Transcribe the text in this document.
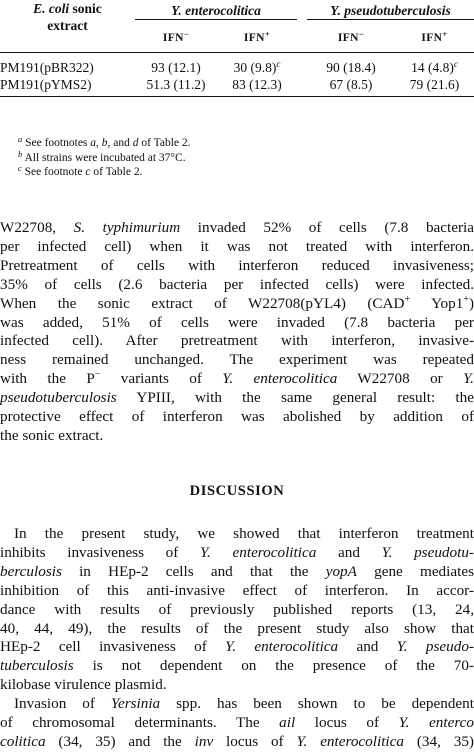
E. coli sonic
extract	Y. enterocolitica			Y. pseudotuberculosis	
	IFN−	IFN+		IFN−	IFN+
PM191(pBR322)	93 (12.1)	30 $(9.8)^c$		90 (18.4)	14 $(4.8)^c$
PM191(pYMS2)	51.3 (11.2)	83 (12.3)		67 (8.5)	79 (21.6)
$^a$ See footnotes a, b, and d of Table 2.
$^b$ All strains were incubated at 37°C.
$^c$ See footnote c of Table 2.
W22708, S. typhimurium invaded 52% of cells (7.8 bacteria
per infected cell) when it was not treated with interferon.
Pretreatment of cells with interferon reduced invasiveness;
35% of cells (2.6 bacteria per infected cells) were infected.
When the sonic extract of W22708(pYL4) (CAD+ Yop1+)
was added, 51% of cells were invaded (7.8 bacteria per
infected cell). After pretreatment with interferon, invasive-
ness remained unchanged. The experiment was repeated
with the P− variants of Y. enterocolitica W22708 or Y.
pseudotuberculosis YPIII, with the same general result: the
protective effect of interferon was abolished by addition of
the sonic extract.
DISCUSSION
In the present study, we showed that interferon treatment
inhibits invasiveness of Y. enterocolitica and Y. pseudotu-
berculosis in HEp-2 cells and that the yopA gene mediates
inhibition of this anti-invasive effect of interferon. In accor-
dance with results of previously published reports (13, 24,
40, 44, 49), the results of the present study also show that
HEp-2 cell invasiveness of Y. enterocolitica and Y. pseudo-
tuberculosis is not dependent on the presence of the 70-
kilobase virulence plasmid.
Invasion of Yersinia spp. has been shown to be dependent
of chromosomal determinants. The ail locus of Y. enterco
colitica (34, 35) and the inv locus of Y. enterocolitica (34, 35)
